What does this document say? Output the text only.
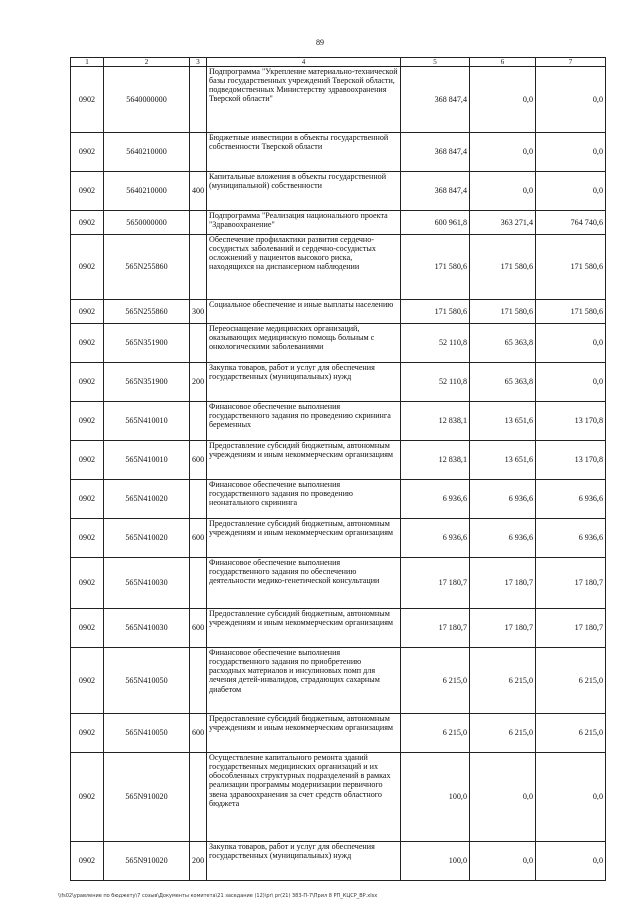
89
1	2	3	4	5	6	7
0902	5640000000		Подпрограмма "Укрепление материально-технической базы государственных учреждений Тверской области, подведомственных Министерству здравоохранения Тверской области"	368 847,4	0,0	0,0
0902	5640210000		Бюджетные инвестиции в объекты государственной собственности Тверской области	368 847,4	0,0	0,0
0902	5640210000	400	Капитальные вложения в объекты государственной (муниципальной) собственности	368 847,4	0,0	0,0
0902	5650000000		Подпрограмма "Реализация национального проекта "Здравоохранение"	600 961,8	363 271,4	764 740,6
0902	565N255860		Обеспечение профилактики развития сердечно-сосудистых заболеваний и сердечно-сосудистых осложнений у пациентов высокого риска, находящихся на диспансерном наблюдении	171 580,6	171 580,6	171 580,6
0902	565N255860	300	Социальное обеспечение и иные выплаты населению	171 580,6	171 580,6	171 580,6
0902	565N351900		Переоснащение медицинских организаций, оказывающих медицинскую помощь больным с онкологическими заболеваниями	52 110,8	65 363,8	0,0
0902	565N351900	200	Закупка товаров, работ и услуг для обеспечения государственных (муниципальных) нужд	52 110,8	65 363,8	0,0
0902	565N410010		Финансовое обеспечение выполнения государственного задания по проведению скрининга беременных	12 838,1	13 651,6	13 170,8
0902	565N410010	600	Предоставление субсидий бюджетным, автономным учреждениям и иным некоммерческим организациям	12 838,1	13 651,6	13 170,8
0902	565N410020		Финансовое обеспечение выполнения государственного задания по проведению неонатального скрининга	6 936,6	6 936,6	6 936,6
0902	565N410020	600	Предоставление субсидий бюджетным, автономным учреждениям и иным некоммерческим организациям	6 936,6	6 936,6	6 936,6
0902	565N410030		Финансовое обеспечение выполнения государственного задания по обеспечению деятельности медико-генетической консультации	17 180,7	17 180,7	17 180,7
0902	565N410030	600	Предоставление субсидий бюджетным, автономным учреждениям и иным некоммерческим организациям	17 180,7	17 180,7	17 180,7
0902	565N410050		Финансовое обеспечение выполнения государственного задания по приобретению расходных материалов и инсулиновых помп для лечения детей-инвалидов, страдающих сахарным диабетом	6 215,0	6 215,0	6 215,0
0902	565N410050	600	Предоставление субсидий бюджетным, автономным учреждениям и иным некоммерческим организациям	6 215,0	6 215,0	6 215,0
0902	565N910020		Осуществление капитального ремонта зданий государственных медицинских организаций и их обособленных структурных подразделений в рамках реализации программы модернизации первичного звена здравоохранения за счет средств областного бюджета	100,0	0,0	0,0
0902	565N910020	200	Закупка товаров, работ и услуг для обеспечения государственных (муниципальных) нужд	100,0	0,0	0,0
\\fs02\уравление по бюджету\7 созыв\Документы комитета\21 заседание (12)\pr\ pr(21) 383-П-7\Прил 8 РП_КЦСР_ВР.xlsx
